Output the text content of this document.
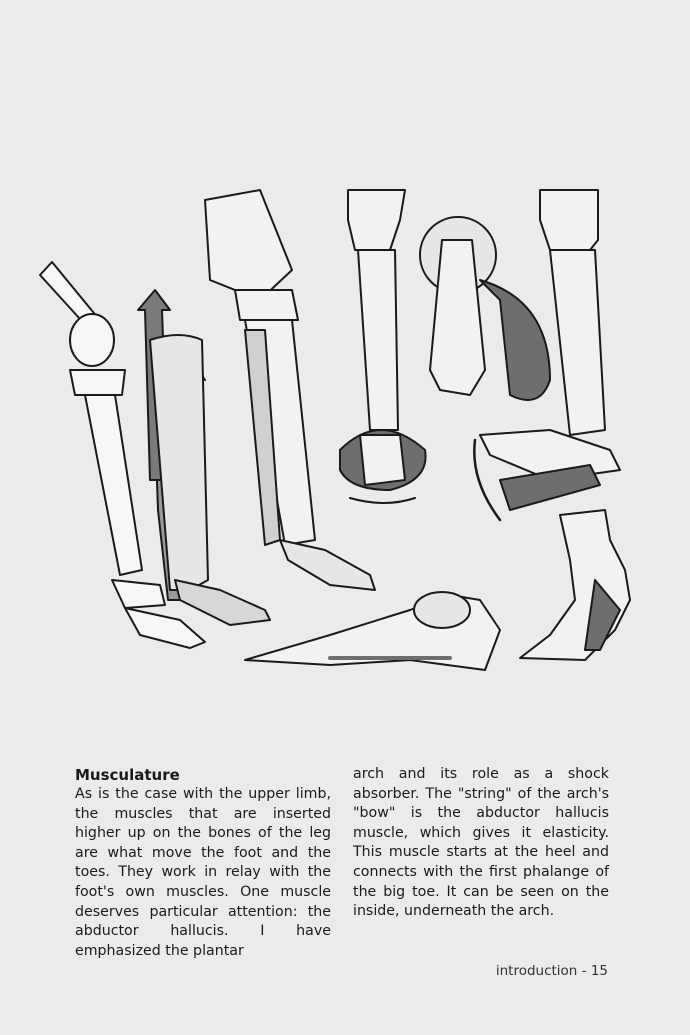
Musculature

As is the case with the upper limb, the muscles that are inserted higher up on the bones of the leg are what move the foot and the toes. They work in relay with the foot's own muscles. One muscle deserves particular attention: the abductor hallucis. I have emphasized the plantar

arch and its role as a shock absorber. The "string" of the arch's "bow" is the abductor hallucis muscle, which gives it elasticity. This muscle starts at the heel and connects with the first phalange of the big toe. It can be seen on the inside, underneath the arch.

introduction - 15
